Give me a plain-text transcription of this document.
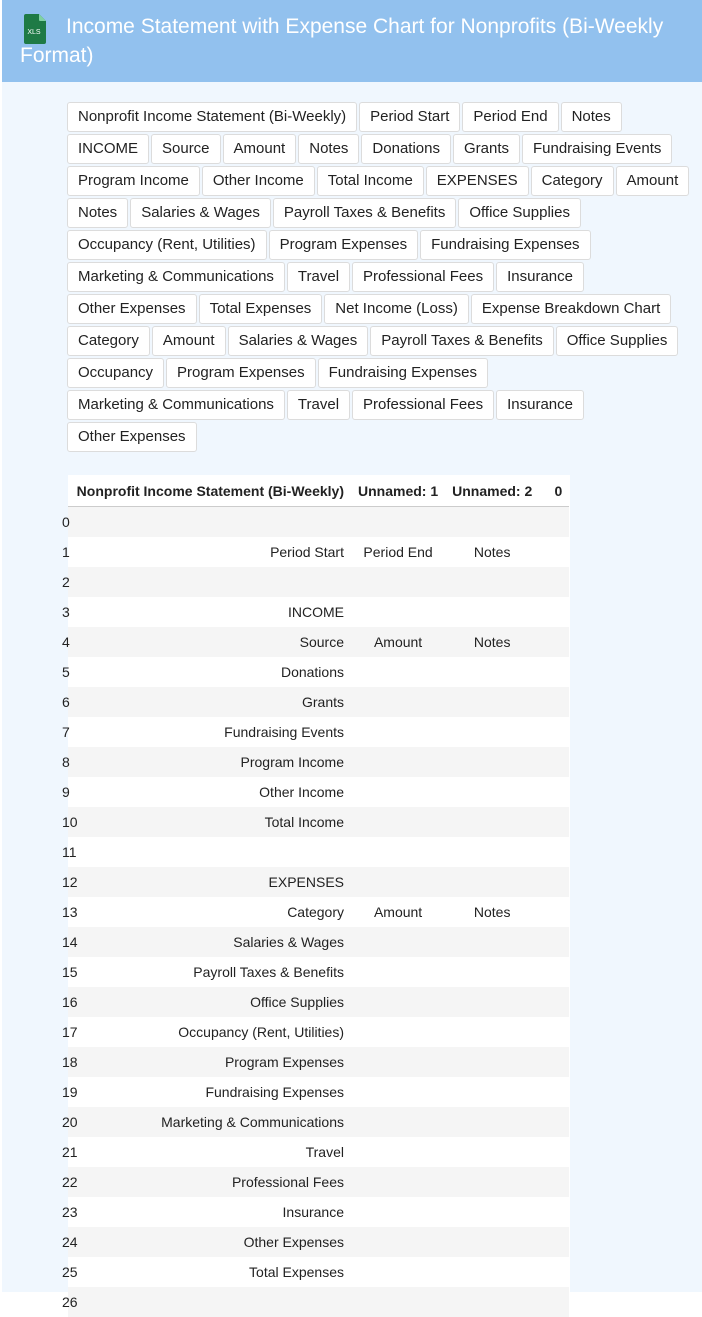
XLS	Income Statement with Expense Chart for Nonprofits (Bi-Weekly Format)
Nonprofit Income Statement (Bi-Weekly)	Period Start	Period End	Notes
INCOME	Source	Amount	Notes	Donations	Grants	Fundraising Events
Program Income	Other Income	Total Income	EXPENSES	Category	Amount
Notes	Salaries & Wages	Payroll Taxes & Benefits	Office Supplies
Occupancy (Rent, Utilities)	Program Expenses	Fundraising Expenses
Marketing & Communications	Travel	Professional Fees	Insurance
Other Expenses	Total Expenses	Net Income (Loss)	Expense Breakdown Chart
Category	Amount	Salaries & Wages	Payroll Taxes & Benefits	Office Supplies
Occupancy	Program Expenses	Fundraising Expenses
Marketing & Communications	Travel	Professional Fees	Insurance
Other Expenses
	Nonprofit Income Statement (Bi-Weekly)	Unnamed: 1	Unnamed: 2	0

0			

1	Period Start	Period End	Notes	

2			

3	INCOME			

4	Source	Amount	Notes	

5	Donations			

6	Grants			

7	Fundraising Events			

8	Program Income			

9	Other Income			

10	Total Income			

11			

12	EXPENSES			

13	Category	Amount	Notes	

14	Salaries & Wages			

15	Payroll Taxes & Benefits			

16	Office Supplies			

17	Occupancy (Rent, Utilities)			

18	Program Expenses			

19	Fundraising Expenses			

20	Marketing & Communications			

21	Travel			

22	Professional Fees			

23	Insurance			

24	Other Expenses			

25	Total Expenses			

26			
